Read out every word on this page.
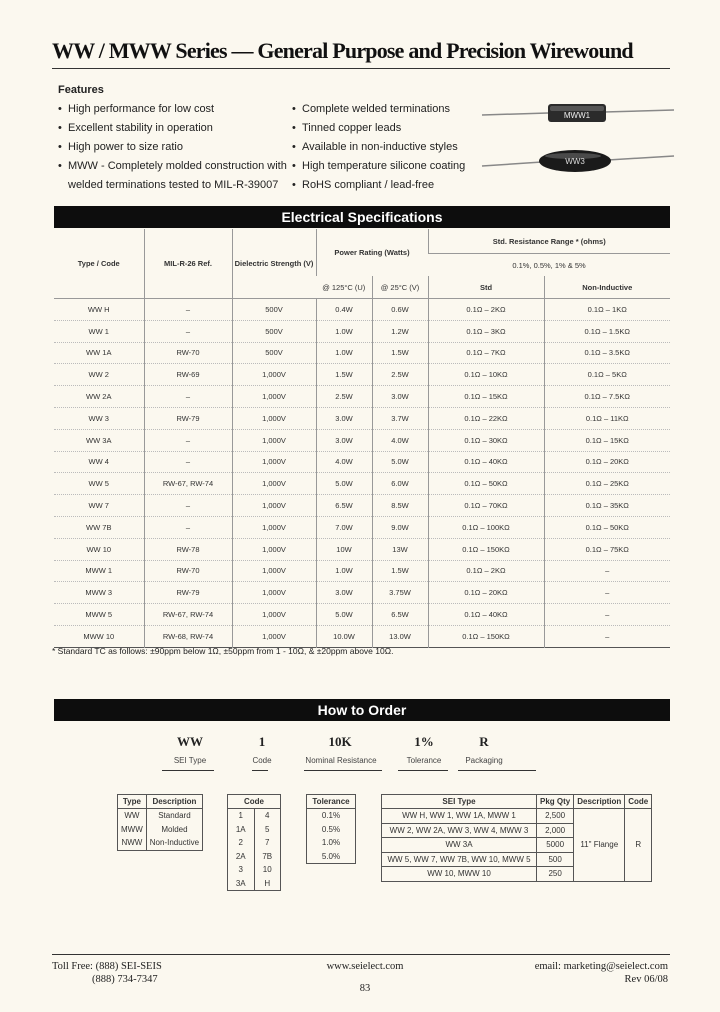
WW / MWW Series — General Purpose and Precision Wirewound
Features
• High performance for low cost
• Excellent stability in operation
• High power to size ratio
• MWW - Completely molded construction with
welded terminations tested to MIL-R-39007
• Complete welded terminations
• Tinned copper leads
• Available in non-inductive styles
• High temperature silicone coating
• RoHS compliant / lead-free
MWW1
WW3
Electrical Specifications
Type / Code	MIL-R-26 Ref.	Dielectric Strength (V)	Power Rating (Watts)		Std. Resistance Range * (ohms)	
					0.1%, 0.5%, 1% & 5%	
			@ 125°C (U)	@ 25°C (V)	Std	Non-Inductive
WW H	–	500V	0.4W	0.6W	0.1Ω – 2KΩ	0.1Ω – 1KΩ
WW 1	–	500V	1.0W	1.2W	0.1Ω – 3KΩ	0.1Ω – 1.5KΩ
WW 1A	RW-70	500V	1.0W	1.5W	0.1Ω – 7KΩ	0.1Ω – 3.5KΩ
WW 2	RW-69	1,000V	1.5W	2.5W	0.1Ω – 10KΩ	0.1Ω – 5KΩ
WW 2A	–	1,000V	2.5W	3.0W	0.1Ω – 15KΩ	0.1Ω – 7.5KΩ
WW 3	RW-79	1,000V	3.0W	3.7W	0.1Ω – 22KΩ	0.1Ω – 11KΩ
WW 3A	–	1,000V	3.0W	4.0W	0.1Ω – 30KΩ	0.1Ω – 15KΩ
WW 4	–	1,000V	4.0W	5.0W	0.1Ω – 40KΩ	0.1Ω – 20KΩ
WW 5	RW-67, RW-74	1,000V	5.0W	6.0W	0.1Ω – 50KΩ	0.1Ω – 25KΩ
WW 7	–	1,000V	6.5W	8.5W	0.1Ω – 70KΩ	0.1Ω – 35KΩ
WW 7B	–	1,000V	7.0W	9.0W	0.1Ω – 100KΩ	0.1Ω – 50KΩ
WW 10	RW-78	1,000V	10W	13W	0.1Ω – 150KΩ	0.1Ω – 75KΩ
MWW 1	RW-70	1,000V	1.0W	1.5W	0.1Ω – 2KΩ	–
MWW 3	RW-79	1,000V	3.0W	3.75W	0.1Ω – 20KΩ	–
MWW 5	RW-67, RW-74	1,000V	5.0W	6.5W	0.1Ω – 40KΩ	–
MWW 10	RW-68, RW-74	1,000V	10.0W	13.0W	0.1Ω – 150KΩ	–
* Standard TC as follows: ±90ppm below 1Ω, ±50ppm from 1 - 10Ω, & ±20ppm above 10Ω.
How to Order
WW	1	10K	1%	R
SEI Type	Code	Nominal Resistance	Tolerance	Packaging
Type	Description
WW	Standard
MWW	Molded
NWW	Non-Inductive
Code	
1	4
1A	5
2	7
2A	7B
3	10
3A	H
Tolerance
0.1%
0.5%
1.0%
5.0%
SEI Type	Pkg Qty	Description	Code
WW H, WW 1, WW 1A, MWW 1	2,500	11" Flange	R
WW 2, WW 2A, WW 3, WW 4, MWW 3	2,000		
WW 3A	5000		
WW 5, WW 7, WW 7B, WW 10, MWW 5	500		
WW 10, MWW 10	250		
Toll Free: (888) SEI-SEIS
(888) 734-7347
www.seielect.com
83
email: marketing@seielect.com
Rev 06/08
